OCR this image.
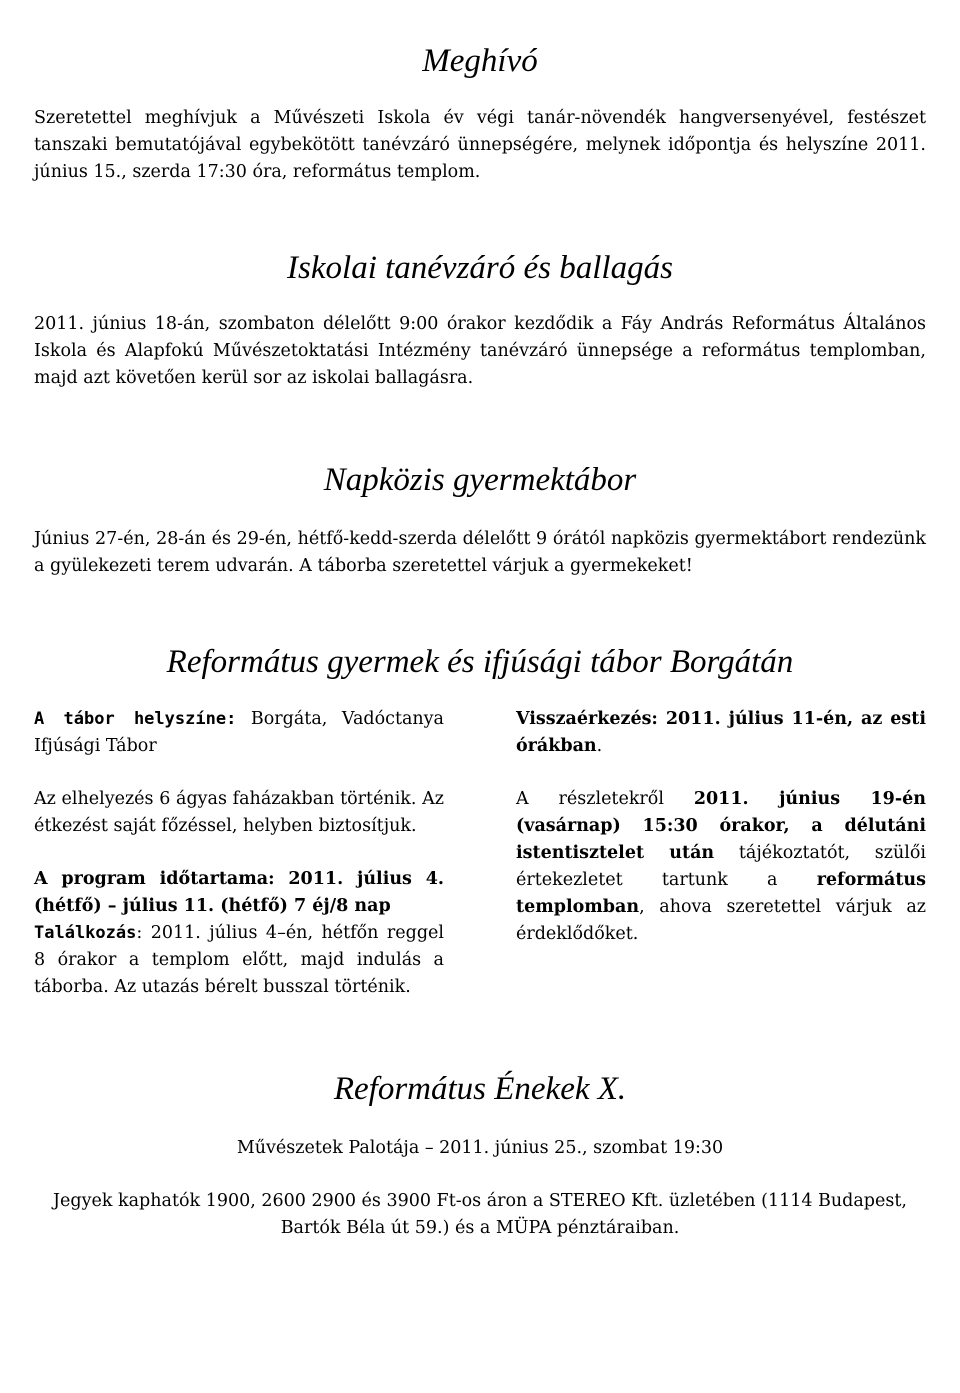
Meghívó

Szeretettel meghívjuk a Művészeti Iskola év végi tanár-növendék hangversenyével, festészet tanszaki bemutatójával egybekötött tanévzáró ünnepségére, melynek időpontja és helyszíne 2011. június 15., szerda 17:30 óra, református templom.

Iskolai tanévzáró és ballagás

2011. június 18-án, szombaton délelőtt 9:00 órakor kezdődik a Fáy András Református Általános Iskola és Alapfokú Művészetoktatási Intézmény tanévzáró ünnepsége a református templomban, majd azt követően kerül sor az iskolai ballagásra.

Napközis gyermektábor

Június 27-én, 28-án és 29-én, hétfő-kedd-szerda délelőtt 9 órától napközis gyermektábort rendezünk a gyülekezeti terem udvarán. A táborba szeretettel várjuk a gyermekeket!

Református gyermek és ifjúsági tábor Borgátán

A tábor helyszíne: Borgáta, Vadóctanya Ifjúsági Tábor

Az elhelyezés 6 ágyas faházakban történik. Az étkezést saját főzéssel, helyben biztosítjuk.

A program időtartama: 2011. július 4. (hétfő) – július 11. (hétfő) 7 éj/8 nap

Találkozás: 2011. július 4–én, hétfőn reggel 8 órakor a templom előtt, majd indulás a táborba. Az utazás bérelt busszal történik.

Visszaérkezés: 2011. július 11-én, az esti órákban.

A részletekről 2011. június 19-én (vasárnap) 15:30 órakor, a délutáni istentisztelet után tájékoztatót, szülői értekezletet tartunk a református templomban, ahova szeretettel várjuk az érdeklődőket.

Református Énekek X.

Művészetek Palotája – 2011. június 25., szombat 19:30

Jegyek kaphatók 1900, 2600 2900 és 3900 Ft-os áron a STEREO Kft. üzletében (1114 Budapest, Bartók Béla út 59.) és a MÜPA pénztáraiban.
